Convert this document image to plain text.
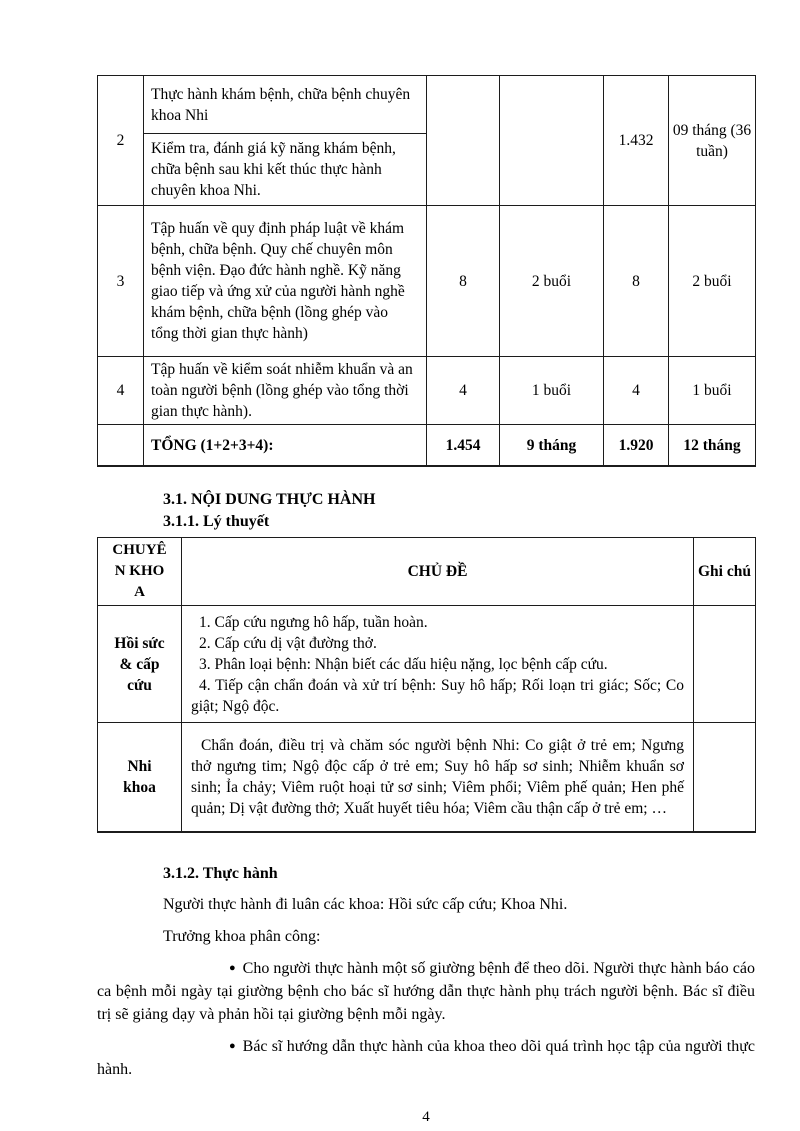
2	Thực hành khám bệnh, chữa bệnh chuyên khoa Nhi			1.432	09 tháng (36 tuần)
	Kiểm tra, đánh giá kỹ năng khám bệnh, chữa bệnh sau khi kết thúc thực hành chuyên khoa Nhi.				
3	Tập huấn về quy định pháp luật về khám bệnh, chữa bệnh. Quy chế chuyên môn bệnh viện. Đạo đức hành nghề. Kỹ năng giao tiếp và ứng xử của người hành nghề khám bệnh, chữa bệnh (lồng ghép vào tổng thời gian thực hành)	8	2 buổi	8	2 buổi
4	Tập huấn về kiểm soát nhiễm khuẩn và an toàn người bệnh (lồng ghép vào tổng thời gian thực hành).	4	1 buổi	4	1 buổi
	TỔNG (1+2+3+4):	1.454	9 tháng	1.920	12 tháng
3.1. NỘI DUNG THỰC HÀNH
3.1.1. Lý thuyết
CHUYÊN KHOA	CHỦ ĐỀ	Ghi chú

Hồi sức & cấp cứu	1. Cấp cứu ngưng hô hấp, tuần hoàn.
2. Cấp cứu dị vật đường thở.
3. Phân loại bệnh: Nhận biết các dấu hiệu nặng, lọc bệnh cấp cứu.
4. Tiếp cận chẩn đoán và xử trí bệnh: Suy hô hấp; Rối loạn tri giác; Sốc; Co giật; Ngộ độc.	

Nhi khoa	Chẩn đoán, điều trị và chăm sóc người bệnh Nhi: Co giật ở trẻ em; Ngưng thở ngưng tim; Ngộ độc cấp ở trẻ em; Suy hô hấp sơ sinh; Nhiễm khuẩn sơ sinh; Ỉa chảy; Viêm ruột hoại tử sơ sinh; Viêm phổi; Viêm phế quản; Hen phế quản; Dị vật đường thở; Xuất huyết tiêu hóa; Viêm cầu thận cấp ở trẻ em; …	

3.1.2. Thực hành

Người thực hành đi luân các khoa: Hồi sức cấp cứu; Khoa Nhi.

Trưởng khoa phân công:

● Cho người thực hành một số giường bệnh để theo dõi. Người thực hành báo cáo ca bệnh mỗi ngày tại giường bệnh cho bác sĩ hướng dẫn thực hành phụ trách người bệnh. Bác sĩ điều trị sẽ giảng dạy và phản hồi tại giường bệnh mỗi ngày.

● Bác sĩ hướng dẫn thực hành của khoa theo dõi quá trình học tập của người thực hành.

4
